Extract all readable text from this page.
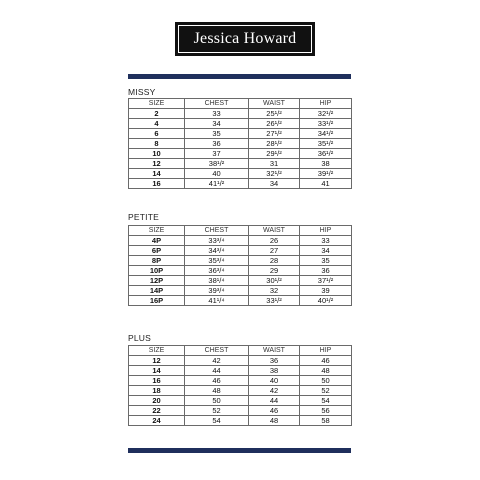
Jessica Howard
MISSY
SIZE	CHEST	WAIST	HIP
2	33	25¹/²	32¹/²
4	34	26¹/²	33¹/²
6	35	27¹/²	34¹/²
8	36	28¹/²	35¹/²
10	37	29¹/²	36¹/²
12	38¹/²	31	38
14	40	32¹/²	39¹/²
16	41¹/²	34	41
PETITE
SIZE	CHEST	WAIST	HIP
4P	33³/⁴	26	33
6P	34³/⁴	27	34
8P	35³/⁴	28	35
10P	36³/⁴	29	36
12P	38¹/⁴	30¹/²	37¹/²
14P	39³/⁴	32	39
16P	41¹/⁴	33¹/²	40¹/²
PLUS
SIZE	CHEST	WAIST	HIP
12	42	36	46
14	44	38	48
16	46	40	50
18	48	42	52
20	50	44	54
22	52	46	56
24	54	48	58
